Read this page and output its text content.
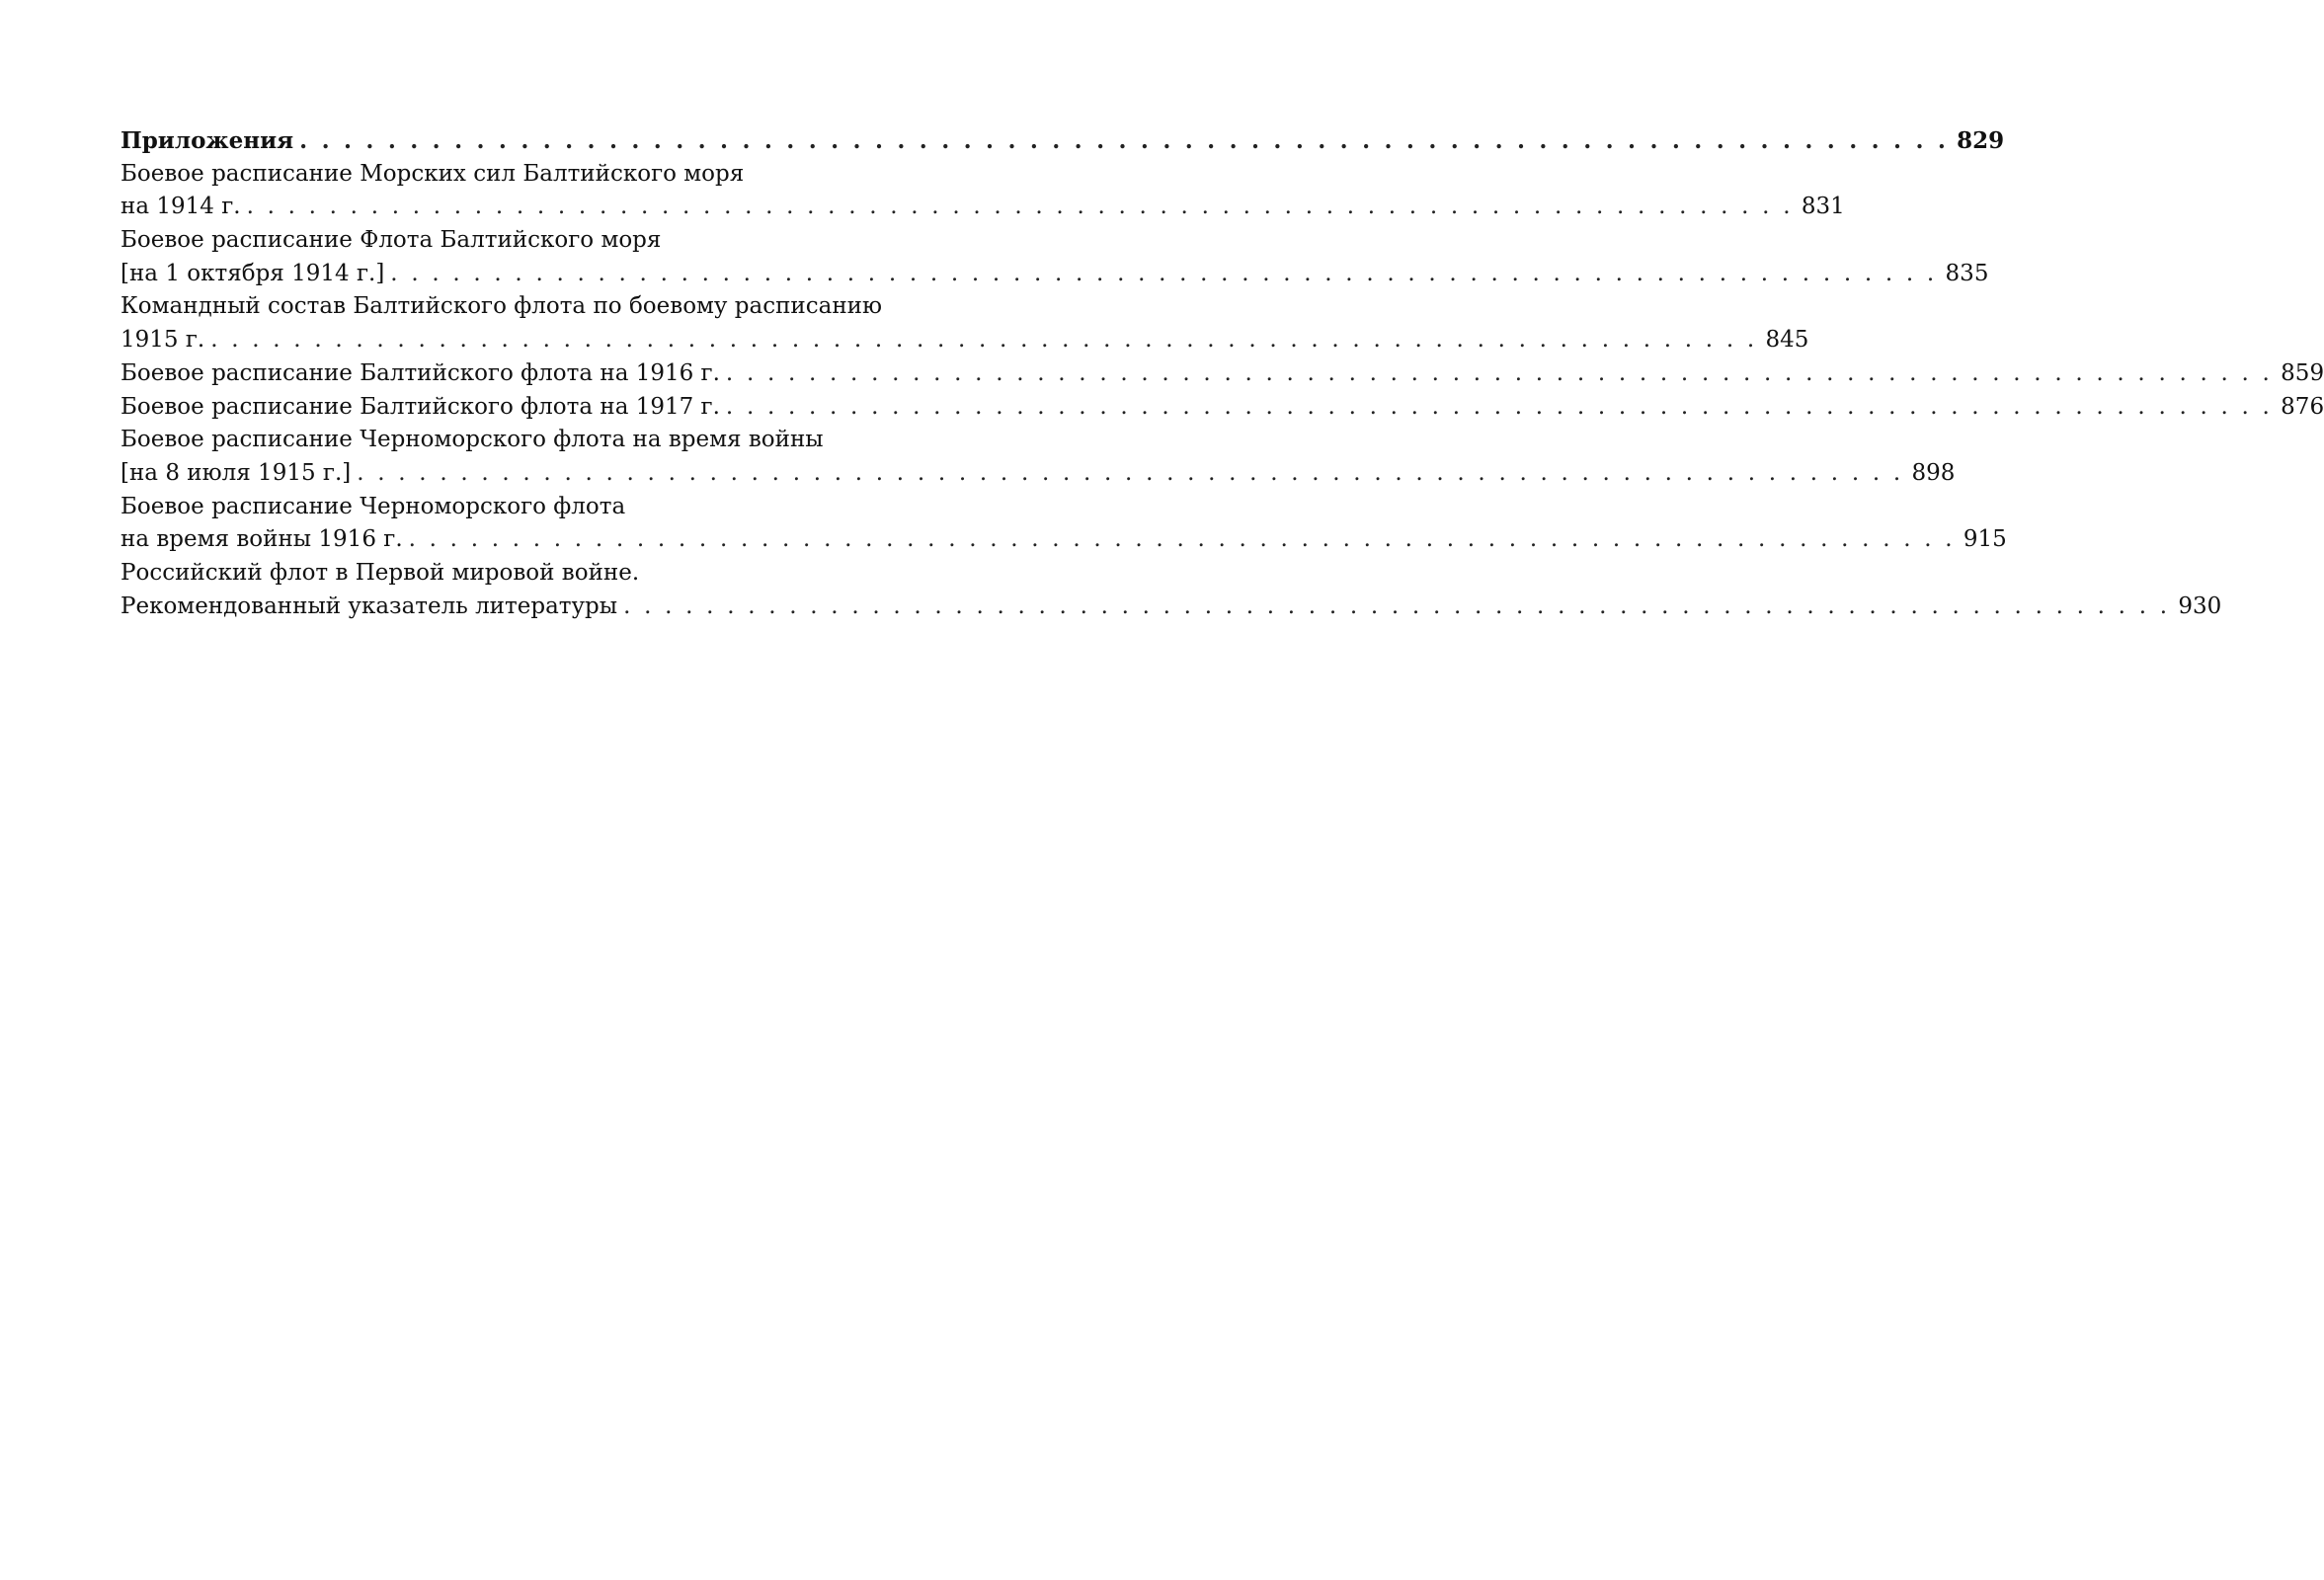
Приложения . . . . . . . . . . . . . . . . . . . . . . . . . . . . . . . . . . . . . . . . . . . . . . . . . . . . . . . . . . . . . . . . . . . . . . . . . . . 829
Боевое расписание Морских сил Балтийского моря
на 1914 г. . . . . . . . . . . . . . . . . . . . . . . . . . . . . . . . . . . . . . . . . . . . . . . . . . . . . . . . . . . . . . . . . . . . . . . . . . . . 831
Боевое расписание Флота Балтийского моря
[на 1 октября 1914 г.] . . . . . . . . . . . . . . . . . . . . . . . . . . . . . . . . . . . . . . . . . . . . . . . . . . . . . . . . . . . . . . . . . . . . . . . . . . . 835
Командный состав Балтийского флота по боевому расписанию
1915 г. . . . . . . . . . . . . . . . . . . . . . . . . . . . . . . . . . . . . . . . . . . . . . . . . . . . . . . . . . . . . . . . . . . . . . . . . . . . 845
Боевое расписание Балтийского флота на 1916 г. . . . . . . . . . . . . . . . . . . . . . . . . . . . . . . . . . . . . . . . . . . . . . . . . . . . . . . . . . . . . . . . . . . . . . . . . . . . 859
Боевое расписание Балтийского флота на 1917 г. . . . . . . . . . . . . . . . . . . . . . . . . . . . . . . . . . . . . . . . . . . . . . . . . . . . . . . . . . . . . . . . . . . . . . . . . . . . 876
Боевое расписание Черноморского флота на время войны
[на 8 июля 1915 г.] . . . . . . . . . . . . . . . . . . . . . . . . . . . . . . . . . . . . . . . . . . . . . . . . . . . . . . . . . . . . . . . . . . . . . . . . . . . 898
Боевое расписание Черноморского флота
на время войны 1916 г. . . . . . . . . . . . . . . . . . . . . . . . . . . . . . . . . . . . . . . . . . . . . . . . . . . . . . . . . . . . . . . . . . . . . . . . . . . . 915
Российский флот в Первой мировой войне.
Рекомендованный указатель литературы . . . . . . . . . . . . . . . . . . . . . . . . . . . . . . . . . . . . . . . . . . . . . . . . . . . . . . . . . . . . . . . . . . . . . . . . . . . 930
